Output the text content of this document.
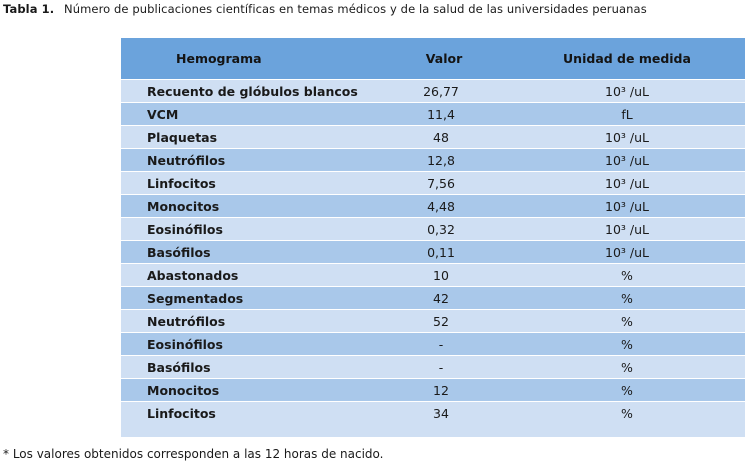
Tabla 1. Número de publicaciones científicas en temas médicos y de la salud de las universidades peruanas
Hemograma	Valor	Unidad de medida
Recuento de glóbulos blancos	26,77	10³ /uL
VCM	11,4	fL
Plaquetas	48	10³ /uL
Neutrófilos	12,8	10³ /uL
Linfocitos	7,56	10³ /uL
Monocitos	4,48	10³ /uL
Eosinófilos	0,32	10³ /uL
Basófilos	0,11	10³ /uL
Abastonados	10	%
Segmentados	42	%
Neutrófilos	52	%
Eosinófilos	-	%
Basófilos	-	%
Monocitos	12	%
Linfocitos	34	%
* Los valores obtenidos corresponden a las 12 horas de nacido.
